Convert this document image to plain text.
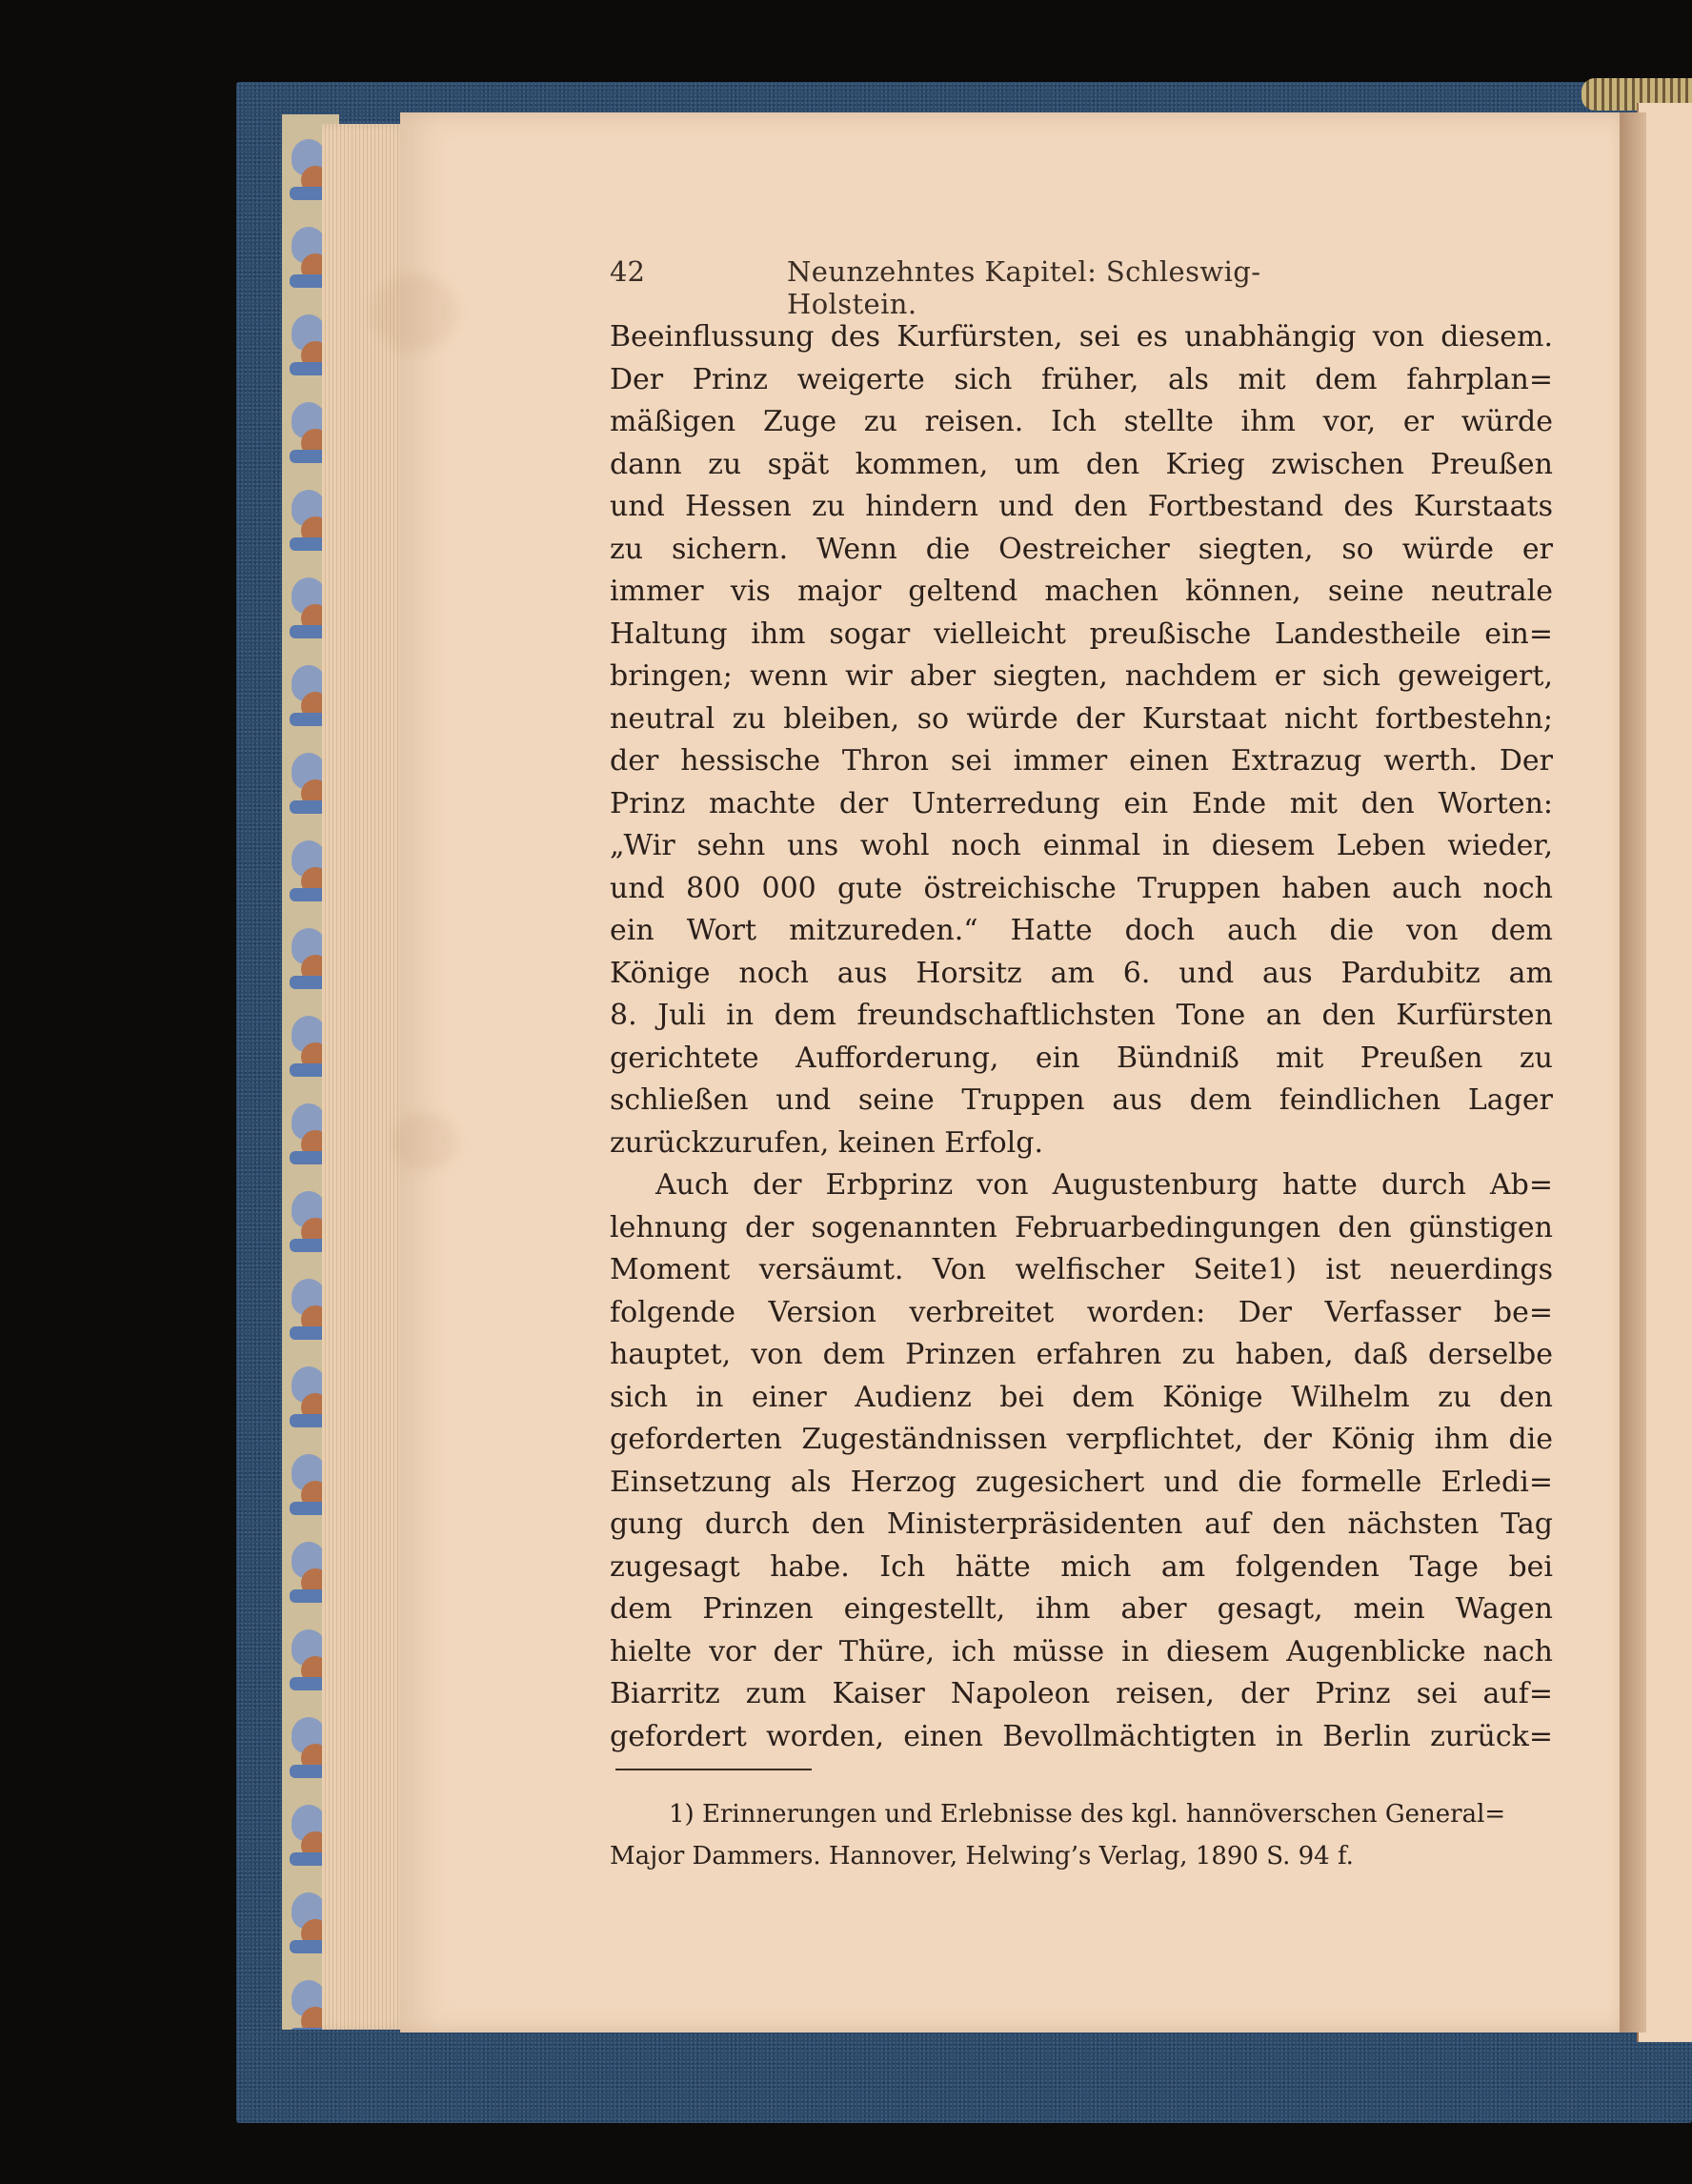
42	Neunzehntes Kapitel: Schleswig-Holstein.
Beeinflussung des Kurfürsten, sei es unabhängig von diesem.
Der Prinz weigerte sich früher, als mit dem fahrplan=
mäßigen Zuge zu reisen. Ich stellte ihm vor, er würde
dann zu spät kommen, um den Krieg zwischen Preußen
und Hessen zu hindern und den Fortbestand des Kurstaats
zu sichern. Wenn die Oestreicher siegten, so würde er
immer vis major geltend machen können, seine neutrale
Haltung ihm sogar vielleicht preußische Landestheile ein=
bringen; wenn wir aber siegten, nachdem er sich geweigert,
neutral zu bleiben, so würde der Kurstaat nicht fortbestehn;
der hessische Thron sei immer einen Extrazug werth. Der
Prinz machte der Unterredung ein Ende mit den Worten:
„Wir sehn uns wohl noch einmal in diesem Leben wieder,
und 800 000 gute östreichische Truppen haben auch noch
ein Wort mitzureden.“ Hatte doch auch die von dem
Könige noch aus Horsitz am 6. und aus Pardubitz am
8. Juli in dem freundschaftlichsten Tone an den Kurfürsten
gerichtete Aufforderung, ein Bündniß mit Preußen zu
schließen und seine Truppen aus dem feindlichen Lager
zurückzurufen, keinen Erfolg.
Auch der Erbprinz von Augustenburg hatte durch Ab=
lehnung der sogenannten Februarbedingungen den günstigen
Moment versäumt. Von welfischer Seite1) ist neuerdings
folgende Version verbreitet worden: Der Verfasser be=
hauptet, von dem Prinzen erfahren zu haben, daß derselbe
sich in einer Audienz bei dem Könige Wilhelm zu den
geforderten Zugeständnissen verpflichtet, der König ihm die
Einsetzung als Herzog zugesichert und die formelle Erledi=
gung durch den Ministerpräsidenten auf den nächsten Tag
zugesagt habe. Ich hätte mich am folgenden Tage bei
dem Prinzen eingestellt, ihm aber gesagt, mein Wagen
hielte vor der Thüre, ich müsse in diesem Augenblicke nach
Biarritz zum Kaiser Napoleon reisen, der Prinz sei auf=
gefordert worden, einen Bevollmächtigten in Berlin zurück=
1) Erinnerungen und Erlebnisse des kgl. hannöverschen General=
Major Dammers. Hannover, Helwing’s Verlag, 1890 S. 94 f.
